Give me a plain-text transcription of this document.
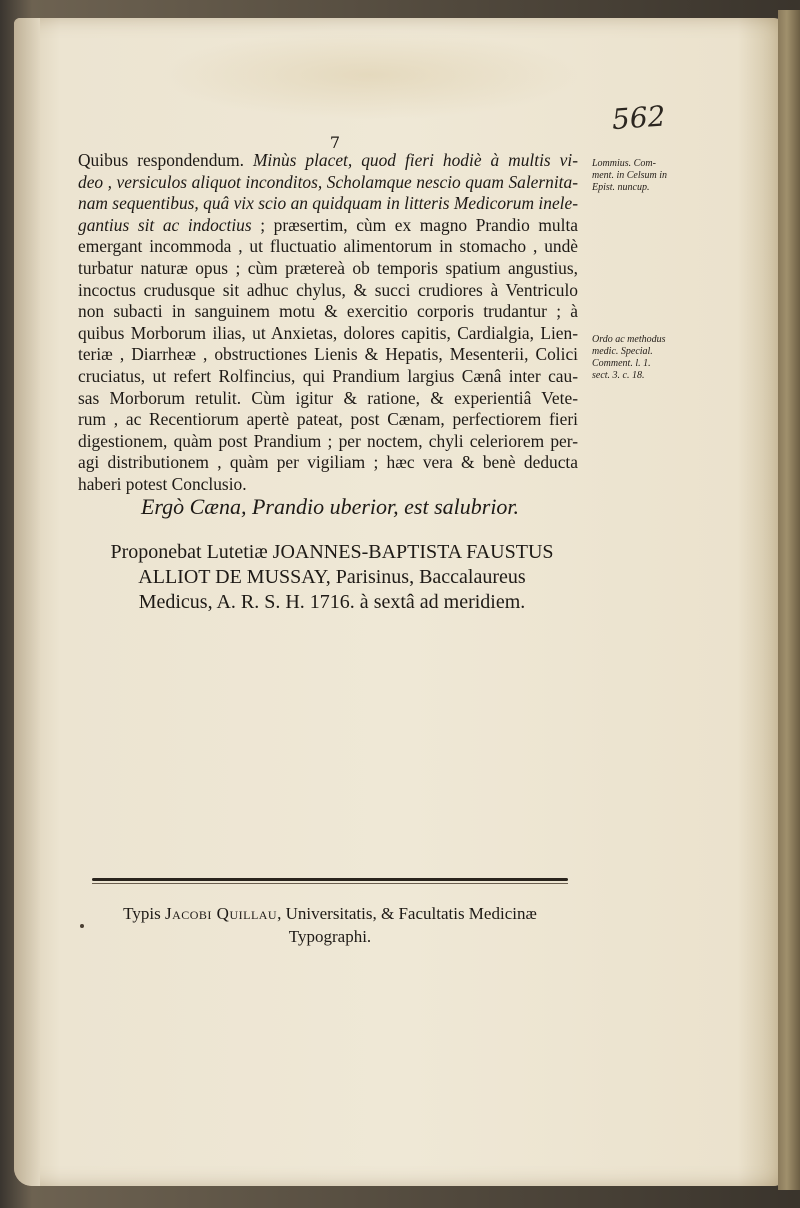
562
7
Quibus respondendum. Minùs placet, quod fieri hodiè à multis vi-
deo , versiculos aliquot inconditos, Scholamque nescio quam Salernita-
nam sequentibus, quâ vix scio an quidquam in litteris Medicorum inele-
gantius sit ac indoctius ; præsertim, cùm ex magno Prandio multa
emergant incommoda , ut fluctuatio alimentorum in stomacho , undè
turbatur naturæ opus ; cùm prætereà ob temporis spatium angustius,
incoctus crudusque sit adhuc chylus, & succi crudiores à Ventriculo
non subacti in sanguinem motu & exercitio corporis trudantur ; à
quibus Morborum ilias, ut Anxietas, dolores capitis, Cardialgia, Lien-
teriæ , Diarrheæ , obstructiones Lienis & Hepatis, Mesenterii, Colici
cruciatus, ut refert Rolfincius, qui Prandium largius Cænâ inter cau-
sas Morborum retulit. Cùm igitur & ratione, & experientiâ Vete-
rum , ac Recentiorum apertè pateat, post Cænam, perfectiorem fieri
digestionem, quàm post Prandium ; per noctem, chyli celeriorem per-
agi distributionem , quàm per vigiliam ; hæc vera & benè deducta
haberi potest Conclusio.
Lommius. Com-
ment. in Celsum in
Epist. nuncup.
Ordo ac methodus
medic. Special.
Comment. l. 1.
sect. 3. c. 18.
Ergò Cæna, Prandio uberior, est salubrior.
Proponebat Lutetiæ JOANNES-BAPTISTA FAUSTUS
ALLIOT DE MUSSAY, Parisinus, Baccalaureus
Medicus, A. R. S. H. 1716. à sextâ ad meridiem.
Typis Jacobi Quillau, Universitatis, & Facultatis Medicinæ
Typographi.
